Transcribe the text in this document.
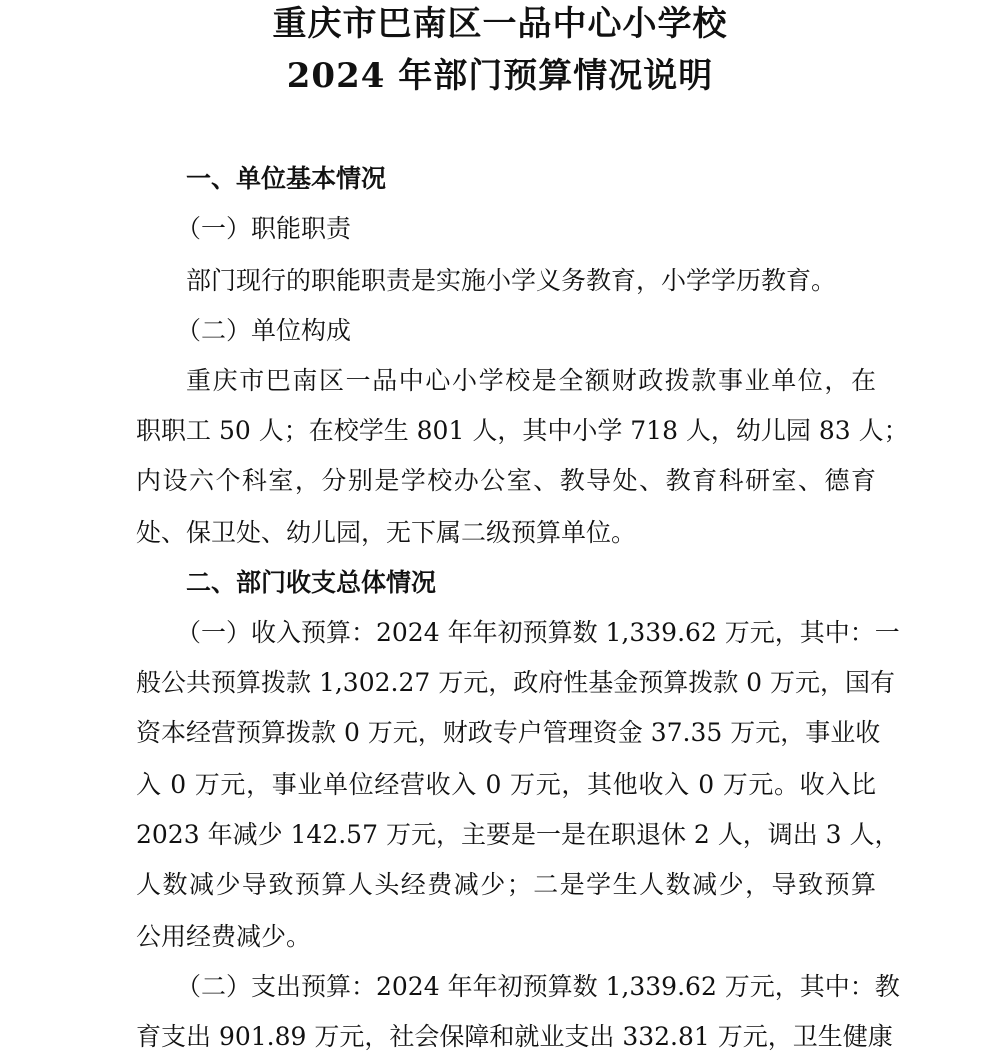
重庆市巴南区一品中心小学校
2024 年部门预算情况说明
一、单位基本情况
（一）职能职责
部门现行的职能职责是实施小学义务教育，小学学历教育。
（二）单位构成
重庆市巴南区一品中心小学校是全额财政拨款事业单位，在
职职工 50 人；在校学生 801 人，其中小学 718 人，幼儿园 83 人；
内设六个科室，分别是学校办公室、教导处、教育科研室、德育
处、保卫处、幼儿园，无下属二级预算单位。
二、部门收支总体情况
（一）收入预算：2024 年年初预算数 1,339.62 万元，其中：一
般公共预算拨款 1,302.27 万元，政府性基金预算拨款 0 万元，国有
资本经营预算拨款 0 万元，财政专户管理资金 37.35 万元，事业收
入 0 万元，事业单位经营收入 0 万元，其他收入 0 万元。收入比
2023 年减少 142.57 万元，主要是一是在职退休 2 人，调出 3 人，
人数减少导致预算人头经费减少；二是学生人数减少，导致预算
公用经费减少。
（二）支出预算：2024 年年初预算数 1,339.62 万元，其中：教
育支出 901.89 万元，社会保障和就业支出 332.81 万元，卫生健康
